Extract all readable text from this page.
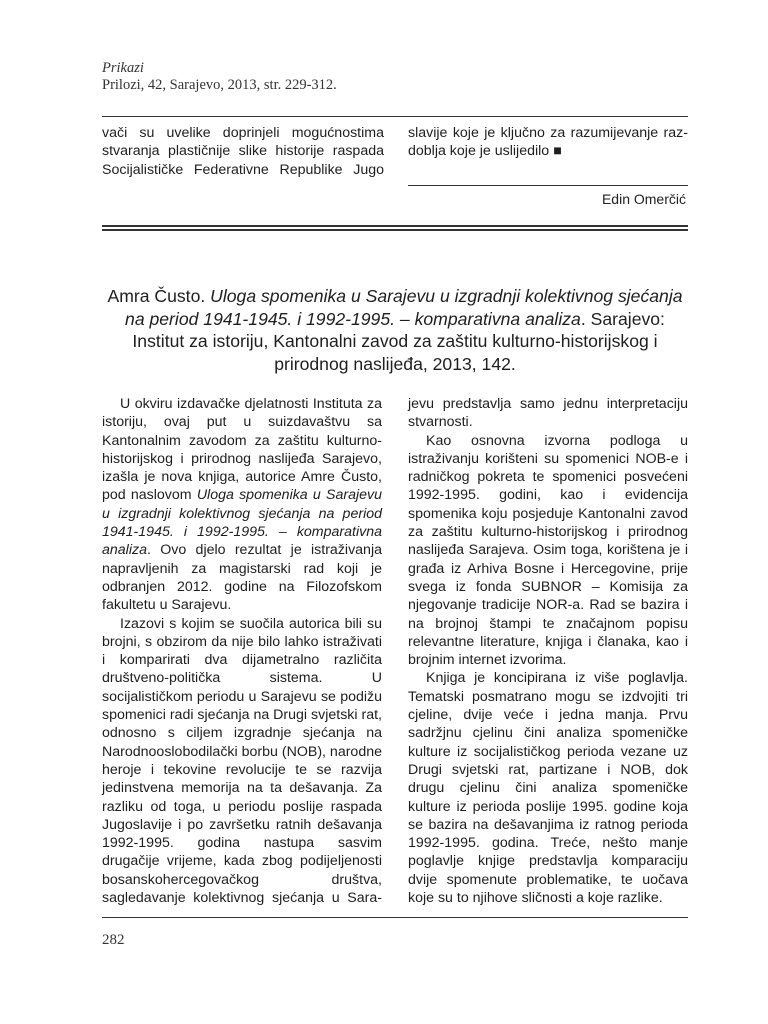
Prikazi
Prilozi, 42, Sarajevo, 2013, str. 229-312.

vači su uvelike doprinjeli mogućnostima

stvaranja plastičnije slike historije raspada

Socijalističke Federativne Republike Jugo

slavije koje je ključno za razumijevanje raz-

doblja koje je uslijedilo ■

Edin Omerčić
Amra Čusto. Uloga spomenika u Sarajevu u izgradnji kolektivnog sjećanja na period 1941-1945. i 1992-1995. – komparativna analiza. Sarajevo: Institut za istoriju, Kantonalni zavod za zaštitu kulturno-historijskog i prirodnog naslijeđa, 2013, 142.

U okviru izdavačke djelatnosti Instituta za istoriju, ovaj put u suizdavaštvu sa Kantonalnim zavodom za zaštitu kulturno-historijskog i prirodnog naslijeđa Sarajevo, izašla je nova knjiga, autorice Amre Čusto, pod naslovom Uloga spomenika u Sarajevu u izgradnji kolektivnog sjećanja na period 1941-1945. i 1992-1995. – komparativna analiza. Ovo djelo rezultat je istraživanja napravljenih za magistarski rad koji je odbranjen 2012. godine na Filozofskom fakultetu u Sarajevu.

Izazovi s kojim se suočila autorica bili su brojni, s obzirom da nije bilo lahko istraživati i komparirati dva dijametralno različita društveno-politička sistema. U socijalističkom periodu u Sarajevu se podižu spomenici radi sjećanja na Drugi svjetski rat, odnosno s ciljem izgradnje sjećanja na Narodnooslobodilački borbu (NOB), narodne heroje i tekovine revolucije te se razvija jedinstvena memorija na ta dešavanja. Za razliku od toga, u periodu poslije raspada Jugoslavije i po završetku ratnih dešavanja 1992-1995. godina nastupa sasvim drugačije vrijeme, kada zbog podijeljenosti bosanskohercegovačkog društva, sagledavanje kolektivnog sjećanja u Sara-

jevu predstavlja samo jednu interpretaciju stvarnosti.

Kao osnovna izvorna podloga u istraživanju korišteni su spomenici NOB-e i radničkog pokreta te spomenici posvećeni 1992-1995. godini, kao i evidencija spomenika koju posjeduje Kantonalni zavod za zaštitu kulturno-historijskog i prirodnog naslijeđa Sarajeva. Osim toga, korištena je i građa iz Arhiva Bosne i Hercegovine, prije svega iz fonda SUBNOR – Komisija za njegovanje tradicije NOR-a. Rad se bazira i na brojnoj štampi te značajnom popisu relevantne literature, knjiga i članaka, kao i brojnim internet izvorima.

Knjiga je koncipirana iz više poglavlja. Tematski posmatrano mogu se izdvojiti tri cjeline, dvije veće i jedna manja. Prvu sadržjnu cjelinu čini analiza spomeničke kulture iz socijalističkog perioda vezane uz Drugi svjetski rat, partizane i NOB, dok drugu cjelinu čini analiza spomeničke kulture iz perioda poslije 1995. godine koja se bazira na dešavanjima iz ratnog perioda 1992-1995. godina. Treće, nešto manje poglavlje knjige predstavlja komparaciju dvije spomenute problematike, te uočava koje su to njihove sličnosti a koje razlike.

282
